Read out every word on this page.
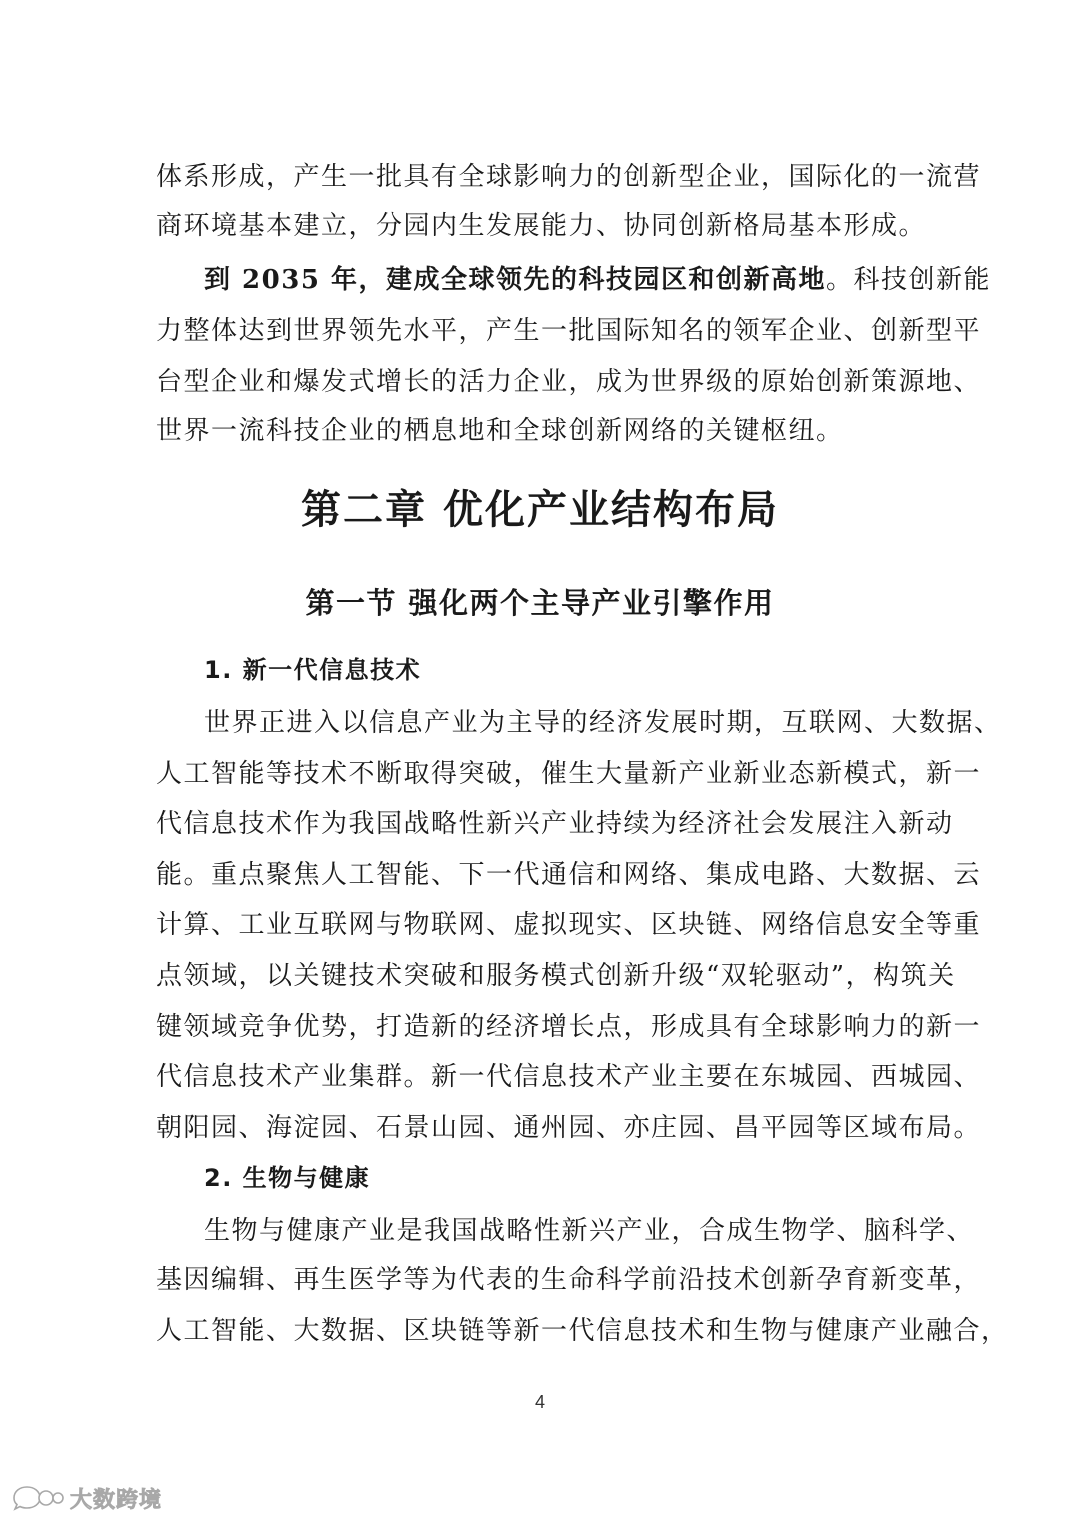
体系形成，产生一批具有全球影响力的创新型企业，国际化的一流营
商环境基本建立，分园内生发展能力、协同创新格局基本形成。
到 2035 年，建成全球领先的科技园区和创新高地。科技创新能
力整体达到世界领先水平，产生一批国际知名的领军企业、创新型平
台型企业和爆发式增长的活力企业，成为世界级的原始创新策源地、
世界一流科技企业的栖息地和全球创新网络的关键枢纽。
第二章 优化产业结构布局
第一节 强化两个主导产业引擎作用
1. 新一代信息技术
世界正进入以信息产业为主导的经济发展时期，互联网、大数据、
人工智能等技术不断取得突破，催生大量新产业新业态新模式，新一
代信息技术作为我国战略性新兴产业持续为经济社会发展注入新动
能。重点聚焦人工智能、下一代通信和网络、集成电路、大数据、云
计算、工业互联网与物联网、虚拟现实、区块链、网络信息安全等重
点领域，以关键技术突破和服务模式创新升级“双轮驱动”，构筑关
键领域竞争优势，打造新的经济增长点，形成具有全球影响力的新一
代信息技术产业集群。新一代信息技术产业主要在东城园、西城园、
朝阳园、海淀园、石景山园、通州园、亦庄园、昌平园等区域布局。
2. 生物与健康
生物与健康产业是我国战略性新兴产业，合成生物学、脑科学、
基因编辑、再生医学等为代表的生命科学前沿技术创新孕育新变革，
人工智能、大数据、区块链等新一代信息技术和生物与健康产业融合，
4
大数跨境
